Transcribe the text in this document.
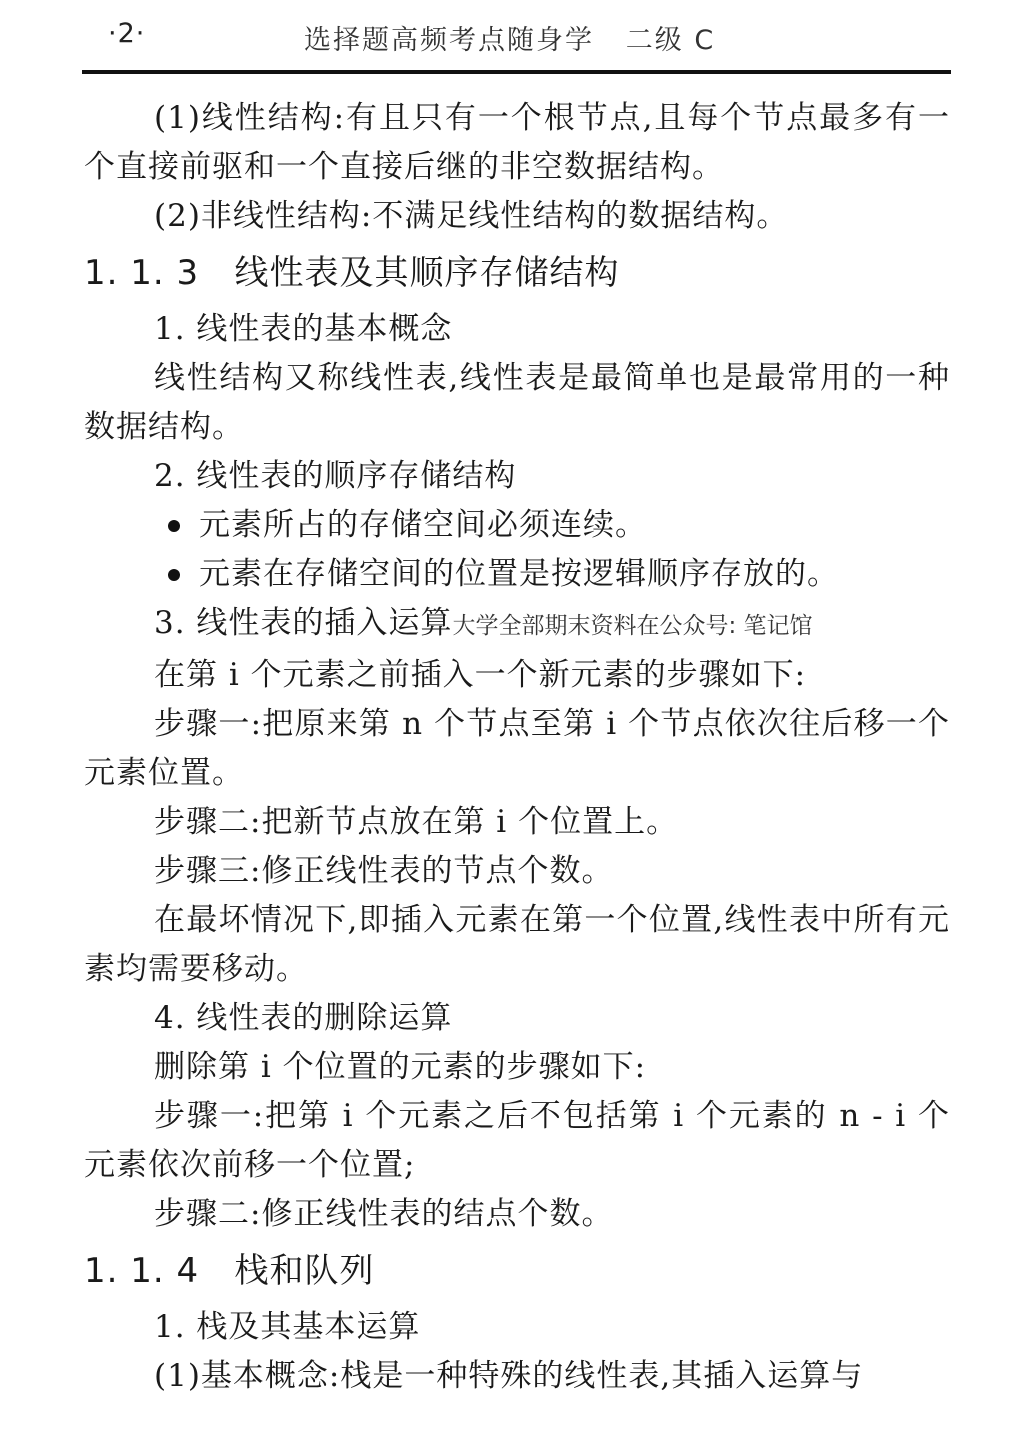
·2·	选择题高频考点随身学   二级 C

(1)线性结构:有且只有一个根节点,且每个节点最多有一个直接前驱和一个直接后继的非空数据结构。

(2)非线性结构:不满足线性结构的数据结构。

1. 1. 3   线性表及其顺序存储结构

1. 线性表的基本概念

线性结构又称线性表,线性表是最简单也是最常用的一种数据结构。

2. 线性表的顺序存储结构

元素所占的存储空间必须连续。
元素在存储空间的位置是按逻辑顺序存放的。

3. 线性表的插入运算大学全部期末资料在公众号: 笔记馆

在第 i 个元素之前插入一个新元素的步骤如下:

步骤一:把原来第 n 个节点至第 i 个节点依次往后移一个元素位置。

步骤二:把新节点放在第 i 个位置上。

步骤三:修正线性表的节点个数。

在最坏情况下,即插入元素在第一个位置,线性表中所有元素均需要移动。

4. 线性表的删除运算

删除第 i 个位置的元素的步骤如下:

步骤一:把第 i 个元素之后不包括第 i 个元素的 n - i 个元素依次前移一个位置;

步骤二:修正线性表的结点个数。

1. 1. 4   栈和队列

1. 栈及其基本运算

(1)基本概念:栈是一种特殊的线性表,其插入运算与
